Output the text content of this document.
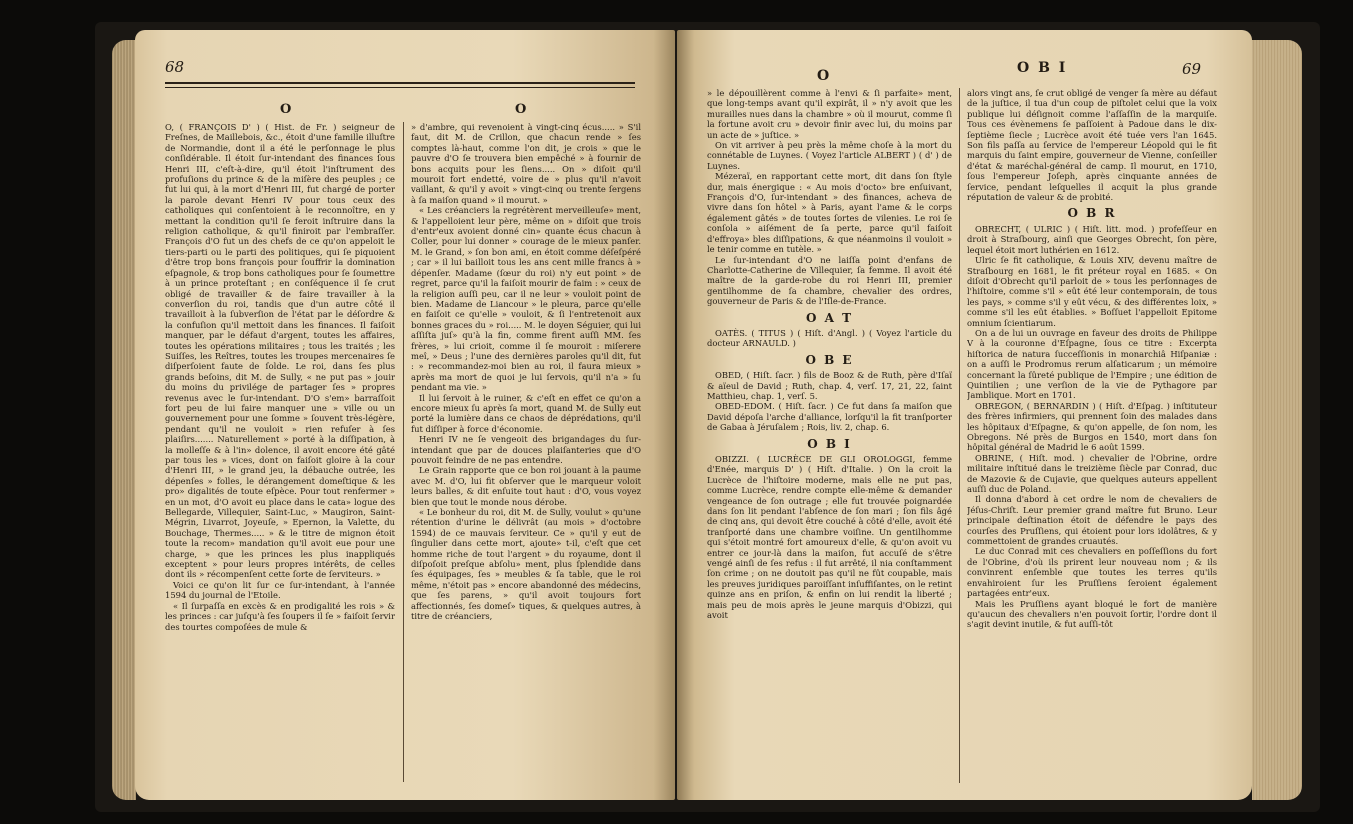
68
O	O

O, ( FRANÇOIS D' ) ( Hist. de Fr. ) seigneur de Freſnes, de Maillebois, &c., étoit d'une famille illuſtre de Normandie, dont il a été le perſonnage le plus conſidérable. Il étoit ſur-intendant des finances ſous Henri III, c'eſt-à-dire, qu'il étoit l'inſtrument des profuſions du prince & de la miſère des peuples ; ce fut lui qui, à la mort d'Henri III, fut chargé de porter la parole devant Henri IV pour tous ceux des catholiques qui conſentoient à le reconnoître, en y mettant la condition qu'il ſe feroit inſtruire dans la religion catholique, & qu'il finiroit par l'embraſſer. François d'O fut un des chefs de ce qu'on appeloit le tiers-parti ou le parti des politiques, qui ſe piquoient d'être trop bons françois pour ſouffrir la domination eſpagnole, & trop bons catholiques pour ſe ſoumettre à un prince proteſtant ; en conſéquence il ſe crut obligé de travailler & de faire travailler à la converſion du roi, tandis que d'un autre côté il travailloit à la ſubverſion de l'état par le déſordre & la confuſion qu'il mettoit dans les finances. Il faiſoit manquer, par le défaut d'argent, toutes les affaires, toutes les opérations militaires ; tous les traités ; les Suiſſes, les Reîtres, toutes les troupes mercenaires ſe diſperſoient faute de ſolde. Le roi, dans ſes plus grands beſoins, dit M. de Sully, « ne put pas » jouir du moins du privilége de partager ſes » propres revenus avec le ſur-intendant. D'O s'em» barraſſoit fort peu de lui faire manquer une » ville ou un gouvernement pour une ſomme » ſouvent très-légère, pendant qu'il ne vouloit » rien refuſer à ſes plaiſirs....... Naturellement » porté à la diſſipation, à la molleſſe & à l'in» dolence, il avoit encore été gâté par tous les » vices, dont on faiſoit gloire à la cour d'Henri III, » le grand jeu, la débauche outrée, les dépenſes » folles, le dérangement domeſtique & les pro» digalités de toute eſpèce. Pour tout renfermer » en un mot, d'O avoit eu place dans le cata» logue des Bellegarde, Villequier, Saint-Luc, » Maugiron, Saint-Mégrin, Livarrot, Joyeuſe, » Epernon, la Valette, du Bouchage, Thermes..... » & le titre de mignon étoit toute la recom» mandation qu'il avoit eue pour une charge, » que les princes les plus inappliqués exceptent » pour leurs propres intérêts, de celles dont ils » récompenſent cette ſorte de ſerviteurs. »

Voici ce qu'on lit ſur ce ſur-intendant, à l'année 1594 du journal de l'Etoile.

« Il ſurpaſſa en excès & en prodigalité les rois » & les princes : car juſqu'à ſes ſoupers il ſe » faiſoit ſervir des tourtes compoſées de mule &

» d'ambre, qui revenoient à vingt-cinq écus..... » S'il faut, dit M. de Crillon, que chacun rende » ſes comptes là-haut, comme l'on dit, je crois » que le pauvre d'O ſe trouvera bien empêché » à fournir de bons acquits pour les ſiens..... On » diſoit qu'il mouroit fort endetté, voire de » plus qu'il n'avoit vaillant, & qu'il y avoit » vingt-cinq ou trente ſergens à ſa maiſon quand » il mourut. »

« Les créanciers la regrétèrent merveilleuſe» ment, & l'appelloient leur père, même on » diſoit que trois d'entr'eux avoient donné cin» quante écus chacun à Coller, pour lui donner » courage de le mieux panſer. M. le Grand, » ſon bon ami, en étoit comme déſeſpéré ; car » il lui bailloit tous les ans cent mille francs à » dépenſer. Madame (ſœur du roi) n'y eut point » de regret, parce qu'il la faiſoit mourir de faim : » ceux de la religion auſſi peu, car il ne leur » vouloit point de bien. Madame de Liancour » le pleura, parce qu'elle en faiſoit ce qu'elle » vouloit, & ſi l'entretenoit aux bonnes graces du » roi..... M. le doyen Séguier, qui lui aſſiſta juſ» qu'à la fin, comme firent auſſi MM. ſes frères, » lui crioit, comme il ſe mouroit : miſerere meî, » Deus ; l'une des dernières paroles qu'il dit, fut : » recommandez-moi bien au roi, il faura mieux » après ma mort de quoi je lui ſervois, qu'il n'a » ſu pendant ma vie. »

Il lui ſervoit à le ruiner, & c'eſt en effet ce qu'on a encore mieux ſu après ſa mort, quand M. de Sully eut porté la lumière dans ce chaos de déprédations, qu'il fut diſſiper à force d'économie.

Henri IV ne ſe vengeoit des brigandages du ſur-intendant que par de douces plaiſanteries que d'O pouvoit feindre de ne pas entendre.

Le Grain rapporte que ce bon roi jouant à la paume avec M. d'O, lui fit obſerver que le marqueur voloit leurs balles, & dit enſuite tout haut : d'O, vous voyez bien que tout le monde nous dérobe.

« Le bonheur du roi, dit M. de Sully, voulut » qu'une rétention d'urine le délivrât (au mois » d'octobre 1594) de ce mauvais ſerviteur. Ce » qu'il y eut de ſingulier dans cette mort, ajoute» t-il, c'eſt que cet homme riche de tout l'argent » du royaume, dont il diſpoſoit preſque abſolu» ment, plus ſplendide dans ſes équipages, ſes » meubles & ſa table, que le roi même, n'étoit pas » encore abandonné des médecins, que ſes parens, » qu'il avoit toujours fort affectionnés, ſes domeſ» tiques, & quelques autres, à titre de créanciers,

O	O B I	69

» le dépouillèrent comme à l'envi & ſi parfaite» ment, que long-temps avant qu'il expirât, il » n'y avoit que les murailles nues dans la chambre » où il mourut, comme ſi la fortune avoit cru » devoir finir avec lui, du moins par un acte de » juſtice. »

On vit arriver à peu près la même choſe à la mort du connétable de Luynes. ( Voyez l'article ALBERT ) ( d' ) de Luynes.

Mézeraï, en rapportant cette mort, dit dans ſon ſtyle dur, mais énergique : « Au mois d'octo» bre enſuivant, François d'O, ſur-intendant » des finances, acheva de vivre dans ſon hôtel » à Paris, ayant l'ame & le corps également gâtés » de toutes ſortes de vilenies. Le roi ſe conſola » aiſément de ſa perte, parce qu'il faiſoit d'effroya» bles diſſipations, & que néanmoins il vouloit » le tenir comme en tutèle. »

Le ſur-intendant d'O ne laiſſa point d'enfans de Charlotte-Catherine de Villequier, ſa femme. Il avoit été maître de la garde-robe du roi Henri III, premier gentilhomme de ſa chambre, chevalier des ordres, gouverneur de Paris & de l'Iſle-de-France.

O A T

OATÈS. ( TITUS ) ( Hiſt. d'Angl. ) ( Voyez l'article du docteur ARNAULD. )

O B E

OBED, ( Hiſt. ſacr. ) fils de Booz & de Ruth, père d'Iſaï & aïeul de David ; Ruth, chap. 4, verſ. 17, 21, 22, ſaint Matthieu, chap. 1, verſ. 5.

OBED-EDOM. ( Hiſt. ſacr. ) Ce fut dans ſa maiſon que David dépoſa l'arche d'alliance, lorſqu'il la fit tranſporter de Gabaa à Jéruſalem ; Rois, liv. 2, chap. 6.

O B I

OBIZZI. ( LUCRÈCE DE GLI OROLOGGI, femme d'Enée, marquis D' ) ( Hiſt. d'Italie. ) On la croit la Lucrèce de l'hiſtoire moderne, mais elle ne put pas, comme Lucrèce, rendre compte elle-même & demander vengeance de ſon outrage ; elle fut trouvée poignardée dans ſon lit pendant l'abſence de ſon mari ; ſon fils âgé de cinq ans, qui devoit être couché à côté d'elle, avoit été tranſporté dans une chambre voiſine. Un gentilhomme qui s'étoit montré fort amoureux d'elle, & qu'on avoit vu entrer ce jour-là dans la maiſon, fut accuſé de s'être vengé ainſi de ſes refus : il fut arrêté, il nia conſtamment ſon crime ; on ne doutoit pas qu'il ne fût coupable, mais les preuves juridiques paroiſſant inſuffiſantes, on le retint quinze ans en priſon, & enfin on lui rendit la liberté ; mais peu de mois après le jeune marquis d'Obizzi, qui avoit

alors vingt ans, ſe crut obligé de venger ſa mère au défaut de la juſtice, il tua d'un coup de piſtolet celui que la voix publique lui déſignoit comme l'aſſaſſin de la marquiſe. Tous ces évènemens ſe paſſoient à Padoue dans le dix-ſeptième ſiecle ; Lucrèce avoit été tuée vers l'an 1645. Son fils paſſa au ſervice de l'empereur Léopold qui le fit marquis du ſaint empire, gouverneur de Vienne, conſeiller d'état & maréchal-général de camp. Il mourut, en 1710, ſous l'empereur Joſeph, après cinquante années de ſervice, pendant leſquelles il acquit la plus grande réputation de valeur & de probité.

O B R

OBRECHT, ( ULRIC ) ( Hiſt. litt. mod. ) profeſſeur en droit à Straſbourg, ainſi que Georges Obrecht, ſon père, lequel étoit mort luthérien en 1612.

Ulric ſe fit catholique, & Louis XIV, devenu maître de Straſbourg en 1681, le fit préteur royal en 1685. « On diſoit d'Obrecht qu'il parloit de » tous les perſonnages de l'hiſtoire, comme s'il » eût été leur contemporain, de tous les pays, » comme s'il y eût vécu, & des différentes loix, » comme s'il les eût établies. » Boſſuet l'appelloit Epitome omnium ſcientiarum.

On a de lui un ouvrage en faveur des droits de Philippe V à la couronne d'Eſpagne, ſous ce titre : Excerpta hiſtorica de natura ſucceſſionis in monarchiâ Hiſpaniæ : on a auſſi le Prodromus rerum alſaticarum ; un mémoire concernant la ſûreté publique de l'Empire ; une édition de Quintilien ; une verſion de la vie de Pythagore par Jamblique. Mort en 1701.

OBREGON, ( BERNARDIN ) ( Hiſt. d'Eſpag. ) inſtituteur des frères infirmiers, qui prennent ſoin des malades dans les hôpitaux d'Eſpagne, & qu'on appelle, de ſon nom, les Obregons. Né près de Burgos en 1540, mort dans ſon hôpital général de Madrid le 6 août 1599.

OBRINE, ( Hiſt. mod. ) chevalier de l'Obrine, ordre militaire inſtitué dans le treizième ſiècle par Conrad, duc de Mazovie & de Cujavie, que quelques auteurs appellent auſſi duc de Poland.

Il donna d'abord à cet ordre le nom de chevaliers de Jéſus-Chriſt. Leur premier grand maître fut Bruno. Leur principale deſtination étoit de défendre le pays des courſes des Pruſſiens, qui étoient pour lors idolâtres, & y commettoient de grandes cruautés.

Le duc Conrad mit ces chevaliers en poſſeſſions du fort de l'Obrine, d'où ils prirent leur nouveau nom ; & ils convinrent enſemble que toutes les terres qu'ils envahiroient ſur les Pruſſiens ſeroient également partagées entr'eux.

Mais les Pruſſiens ayant bloqué le fort de manière qu'aucun des chevaliers n'en pouvoit ſortir, l'ordre dont il s'agit devint inutile, & fut auſſi-tôt
